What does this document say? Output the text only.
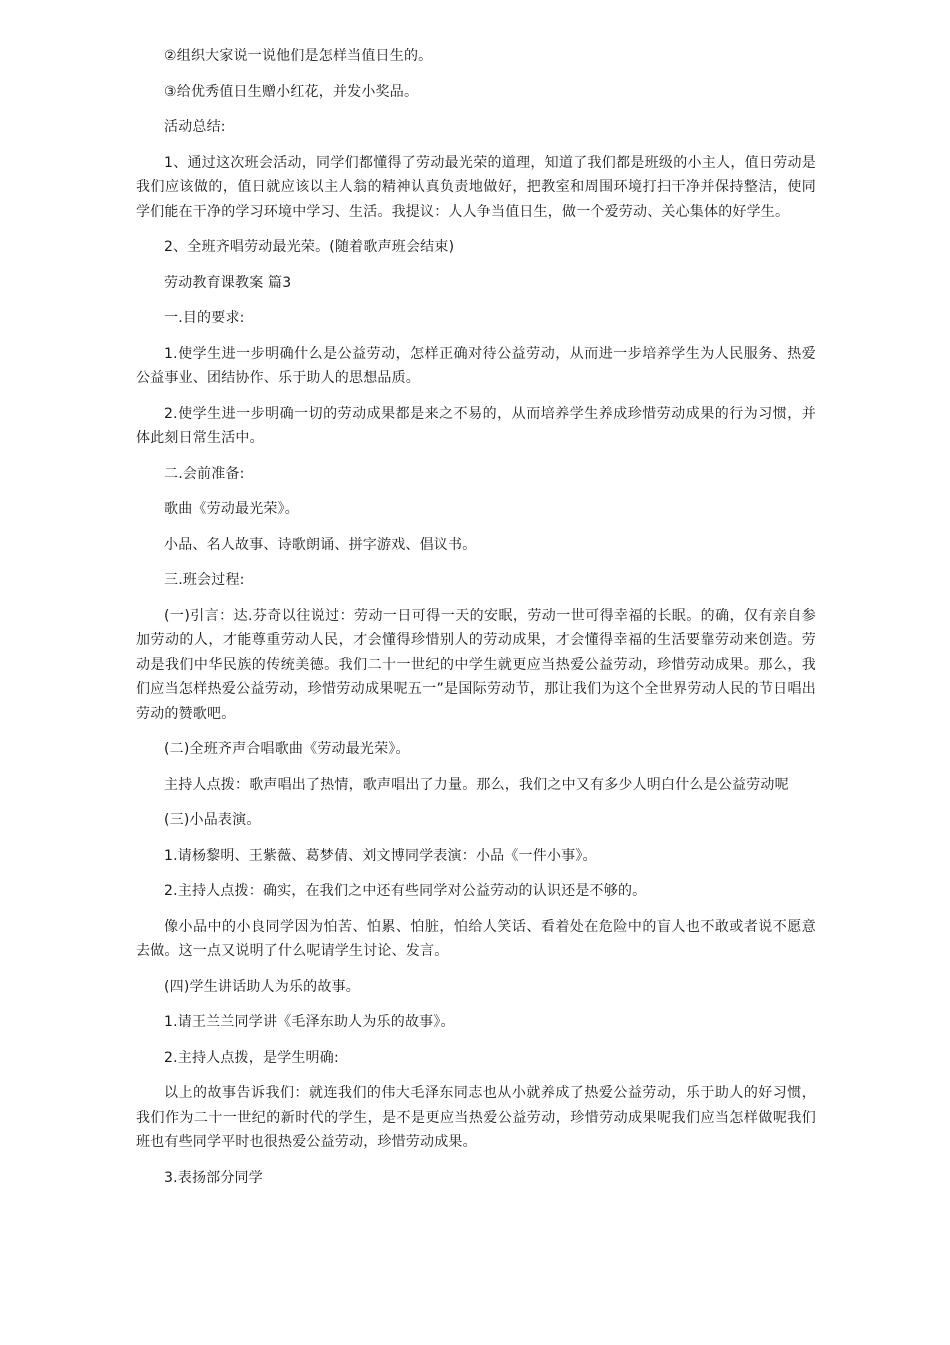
②组织大家说一说他们是怎样当值日生的。

③给优秀值日生赠小红花，并发小奖品。

活动总结:

1、通过这次班会活动，同学们都懂得了劳动最光荣的道理，知道了我们都是班级的小主人，值日劳动是我们应该做的，值日就应该以主人翁的精神认真负责地做好，把教室和周围环境打扫干净并保持整洁，使同学们能在干净的学习环境中学习、生活。我提议：人人争当值日生，做一个爱劳动、关心集体的好学生。

2、全班齐唱劳动最光荣。(随着歌声班会结束)

劳动教育课教案 篇3

一.目的要求:

1.使学生进一步明确什么是公益劳动，怎样正确对待公益劳动，从而进一步培养学生为人民服务、热爱公益事业、团结协作、乐于助人的思想品质。

2.使学生进一步明确一切的劳动成果都是来之不易的，从而培养学生养成珍惜劳动成果的行为习惯，并体此刻日常生活中。

二.会前准备:

歌曲《劳动最光荣》。

小品、名人故事、诗歌朗诵、拼字游戏、倡议书。

三.班会过程:

(一)引言：达.芬奇以往说过：劳动一日可得一天的安眠，劳动一世可得幸福的长眠。的确，仅有亲自参加劳动的人，才能尊重劳动人民，才会懂得珍惜别人的劳动成果，才会懂得幸福的生活要靠劳动来创造。劳动是我们中华民族的传统美德。我们二十一世纪的中学生就更应当热爱公益劳动，珍惜劳动成果。那么，我们应当怎样热爱公益劳动，珍惜劳动成果呢五一”是国际劳动节，那让我们为这个全世界劳动人民的节日唱出劳动的赞歌吧。

(二)全班齐声合唱歌曲《劳动最光荣》。

主持人点拨：歌声唱出了热情，歌声唱出了力量。那么，我们之中又有多少人明白什么是公益劳动呢

(三)小品表演。

1.请杨黎明、王紫薇、葛梦倩、刘文博同学表演：小品《一件小事》。

2.主持人点拨：确实，在我们之中还有些同学对公益劳动的认识还是不够的。

像小品中的小良同学因为怕苦、怕累、怕脏，怕给人笑话、看着处在危险中的盲人也不敢或者说不愿意去做。这一点又说明了什么呢请学生讨论、发言。

(四)学生讲话助人为乐的故事。

1.请王兰兰同学讲《毛泽东助人为乐的故事》。

2.主持人点拨，是学生明确:

以上的故事告诉我们：就连我们的伟大毛泽东同志也从小就养成了热爱公益劳动，乐于助人的好习惯，我们作为二十一世纪的新时代的学生，是不是更应当热爱公益劳动，珍惜劳动成果呢我们应当怎样做呢我们班也有些同学平时也很热爱公益劳动，珍惜劳动成果。

3.表扬部分同学
